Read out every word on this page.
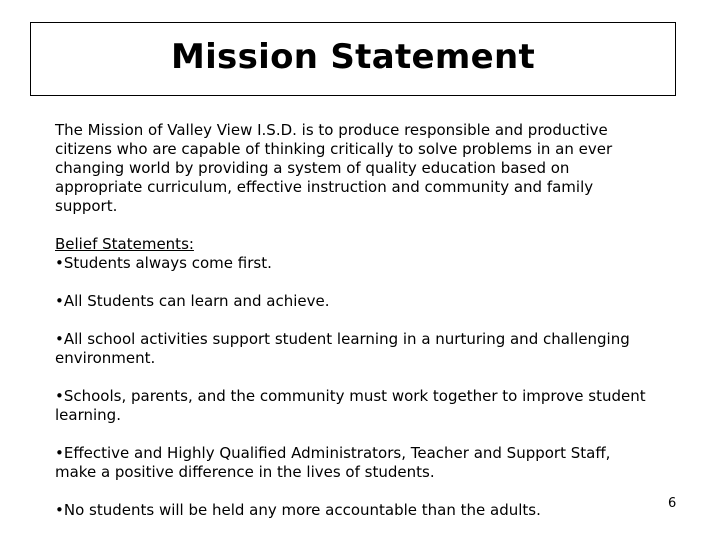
Mission Statement

The Mission of Valley View I.S.D. is to produce responsible and productive citizens who are capable of thinking critically to solve problems in an ever changing world by providing a system of quality education based on appropriate curriculum, effective instruction and community and family support.

Belief Statements:

•Students always come first.

•All Students can learn and achieve.

•All school activities support student learning in a nurturing and challenging environment.

•Schools, parents, and the community must work together to improve student learning.

•Effective and Highly Qualified Administrators, Teacher and Support Staff, make a positive difference in the lives of students.

•No students will be held any more accountable than the adults.	6
